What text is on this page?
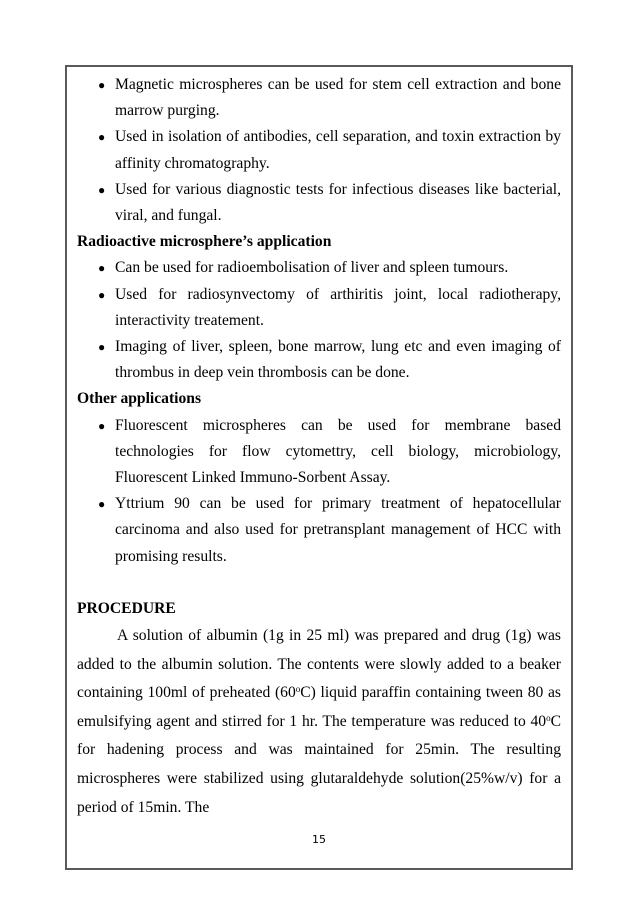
● Magnetic microspheres can be used for stem cell extraction and bone marrow purging.
● Used in isolation of antibodies, cell separation, and toxin extraction by affinity chromatography.
● Used for various diagnostic tests for infectious diseases like bacterial, viral, and fungal.

Radioactive microsphere’s application

● Can be used for radioembolisation of liver and spleen tumours.
● Used for radiosynvectomy of arthiritis joint, local radiotherapy, interactivity treatement.
● Imaging of liver, spleen, bone marrow, lung etc and even imaging of thrombus in deep vein thrombosis can be done.

Other applications

● Fluorescent microspheres can be used for membrane based technologies for flow cytomettry, cell biology, microbiology, Fluorescent Linked Immuno-Sorbent Assay.
● Yttrium 90 can be used for primary treatment of hepatocellular carcinoma and also used for pretransplant management of HCC with promising results.

PROCEDURE

A solution of albumin (1g in 25 ml) was prepared and drug (1g) was added to the albumin solution. The contents were slowly added to a beaker containing 100ml of preheated (60$^o$C) liquid paraffin containing tween 80 as emulsifying agent and stirred for 1 hr. The temperature was reduced to 40$^o$C for hadening process and was maintained for 25min. The resulting microspheres were stabilized using glutaraldehyde solution(25%w/v) for a period of 15min. The

15
